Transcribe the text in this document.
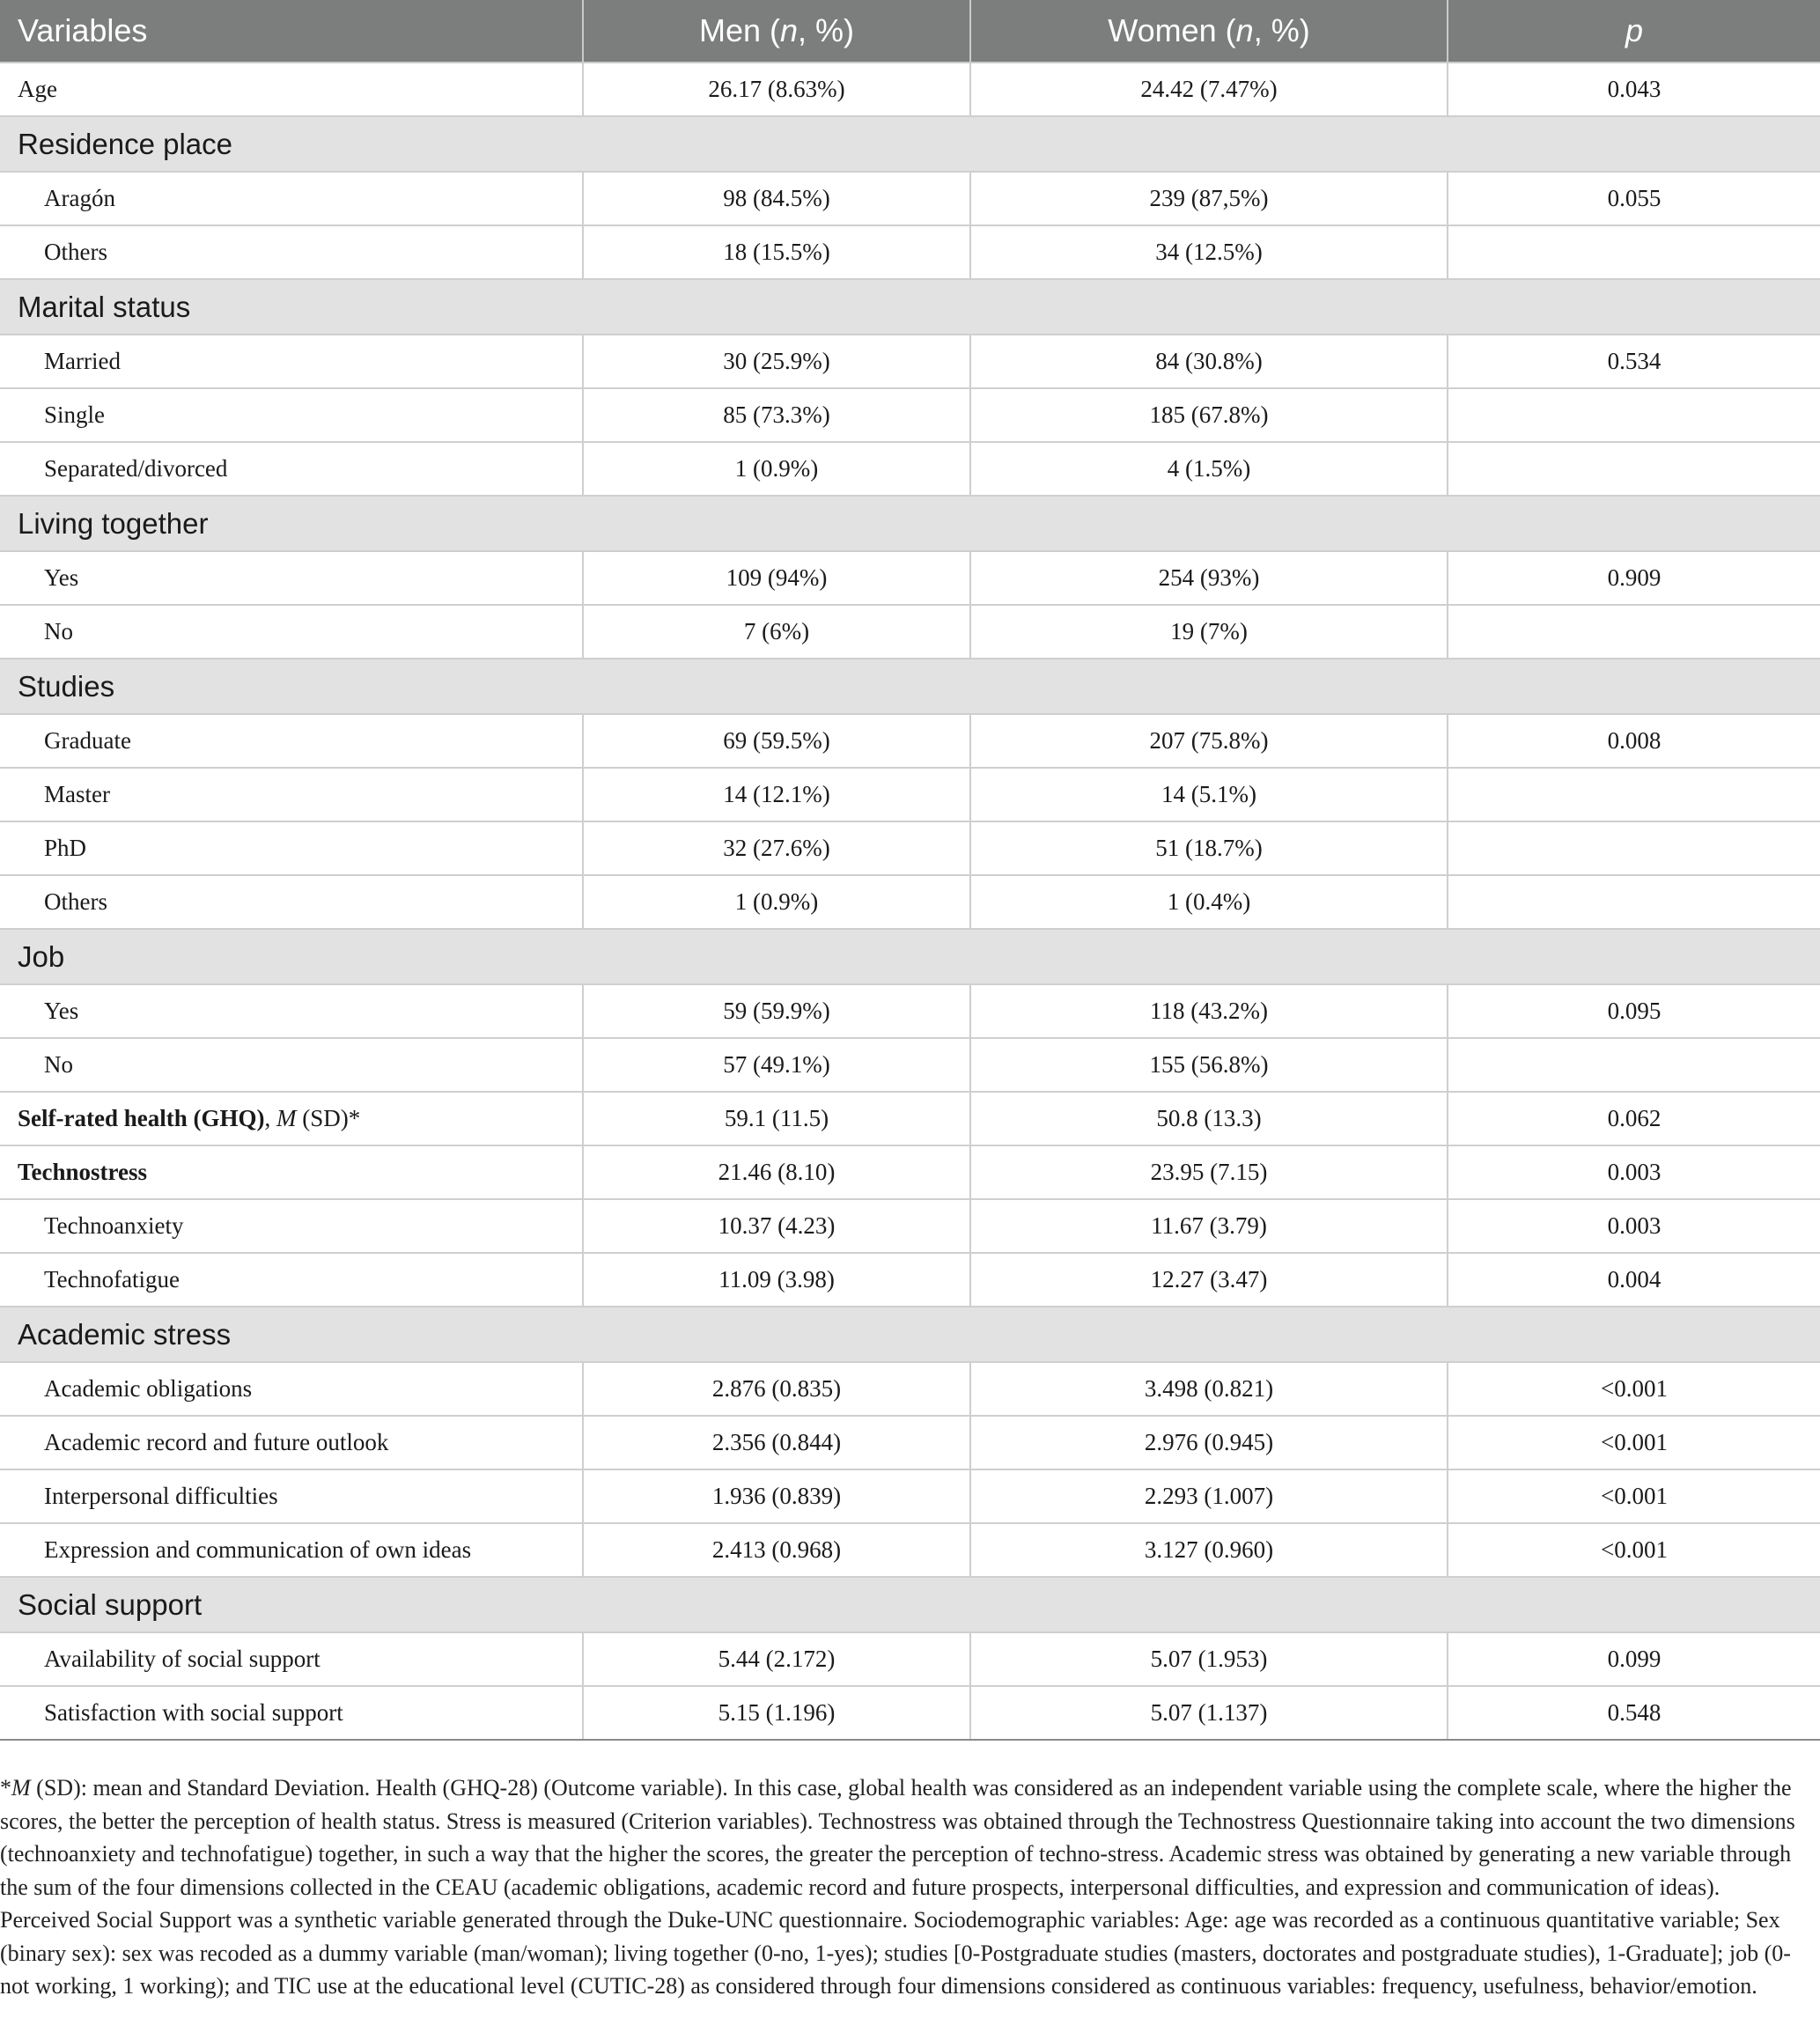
Variables	Men (n, %)	Women (n, %)	p
Age	26.17 (8.63%)	24.42 (7.47%)	0.043
Residence place			
Aragón	98 (84.5%)	239 (87,5%)	0.055
Others	18 (15.5%)	34 (12.5%)	
Marital status			
Married	30 (25.9%)	84 (30.8%)	0.534
Single	85 (73.3%)	185 (67.8%)	
Separated/divorced	1 (0.9%)	4 (1.5%)	
Living together			
Yes	109 (94%)	254 (93%)	0.909
No	7 (6%)	19 (7%)	
Studies			
Graduate	69 (59.5%)	207 (75.8%)	0.008
Master	14 (12.1%)	14 (5.1%)	
PhD	32 (27.6%)	51 (18.7%)	
Others	1 (0.9%)	1 (0.4%)	
Job			
Yes	59 (59.9%)	118 (43.2%)	0.095
No	57 (49.1%)	155 (56.8%)	
Self-rated health (GHQ), M (SD)*	59.1 (11.5)	50.8 (13.3)	0.062
Technostress	21.46 (8.10)	23.95 (7.15)	0.003
Technoanxiety	10.37 (4.23)	11.67 (3.79)	0.003
Technofatigue	11.09 (3.98)	12.27 (3.47)	0.004
Academic stress			
Academic obligations	2.876 (0.835)	3.498 (0.821)	<0.001
Academic record and future outlook	2.356 (0.844)	2.976 (0.945)	<0.001
Interpersonal difficulties	1.936 (0.839)	2.293 (1.007)	<0.001
Expression and communication of own ideas	2.413 (0.968)	3.127 (0.960)	<0.001
Social support			
Availability of social support	5.44 (2.172)	5.07 (1.953)	0.099
Satisfaction with social support	5.15 (1.196)	5.07 (1.137)	0.548
*M (SD): mean and Standard Deviation. Health (GHQ-28) (Outcome variable). In this case, global health was considered as an independent variable using the complete scale, where the higher the scores, the better the perception of health status. Stress is measured (Criterion variables). Technostress was obtained through the Technostress Questionnaire taking into account the two dimensions (technoanxiety and technofatigue) together, in such a way that the higher the scores, the greater the perception of techno-stress. Academic stress was obtained by generating a new variable through the sum of the four dimensions collected in the CEAU (academic obligations, academic record and future prospects, interpersonal difficulties, and expression and communication of ideas). Perceived Social Support was a synthetic variable generated through the Duke-UNC questionnaire. Sociodemographic variables: Age: age was recorded as a continuous quantitative variable; Sex (binary sex): sex was recoded as a dummy variable (man/woman); living together (0-no, 1-yes); studies [0-Postgraduate studies (masters, doctorates and postgraduate studies), 1-Graduate]; job (0-not working, 1 working); and TIC use at the educational level (CUTIC-28) as considered through four dimensions considered as continuous variables: frequency, usefulness, behavior/emotion.
